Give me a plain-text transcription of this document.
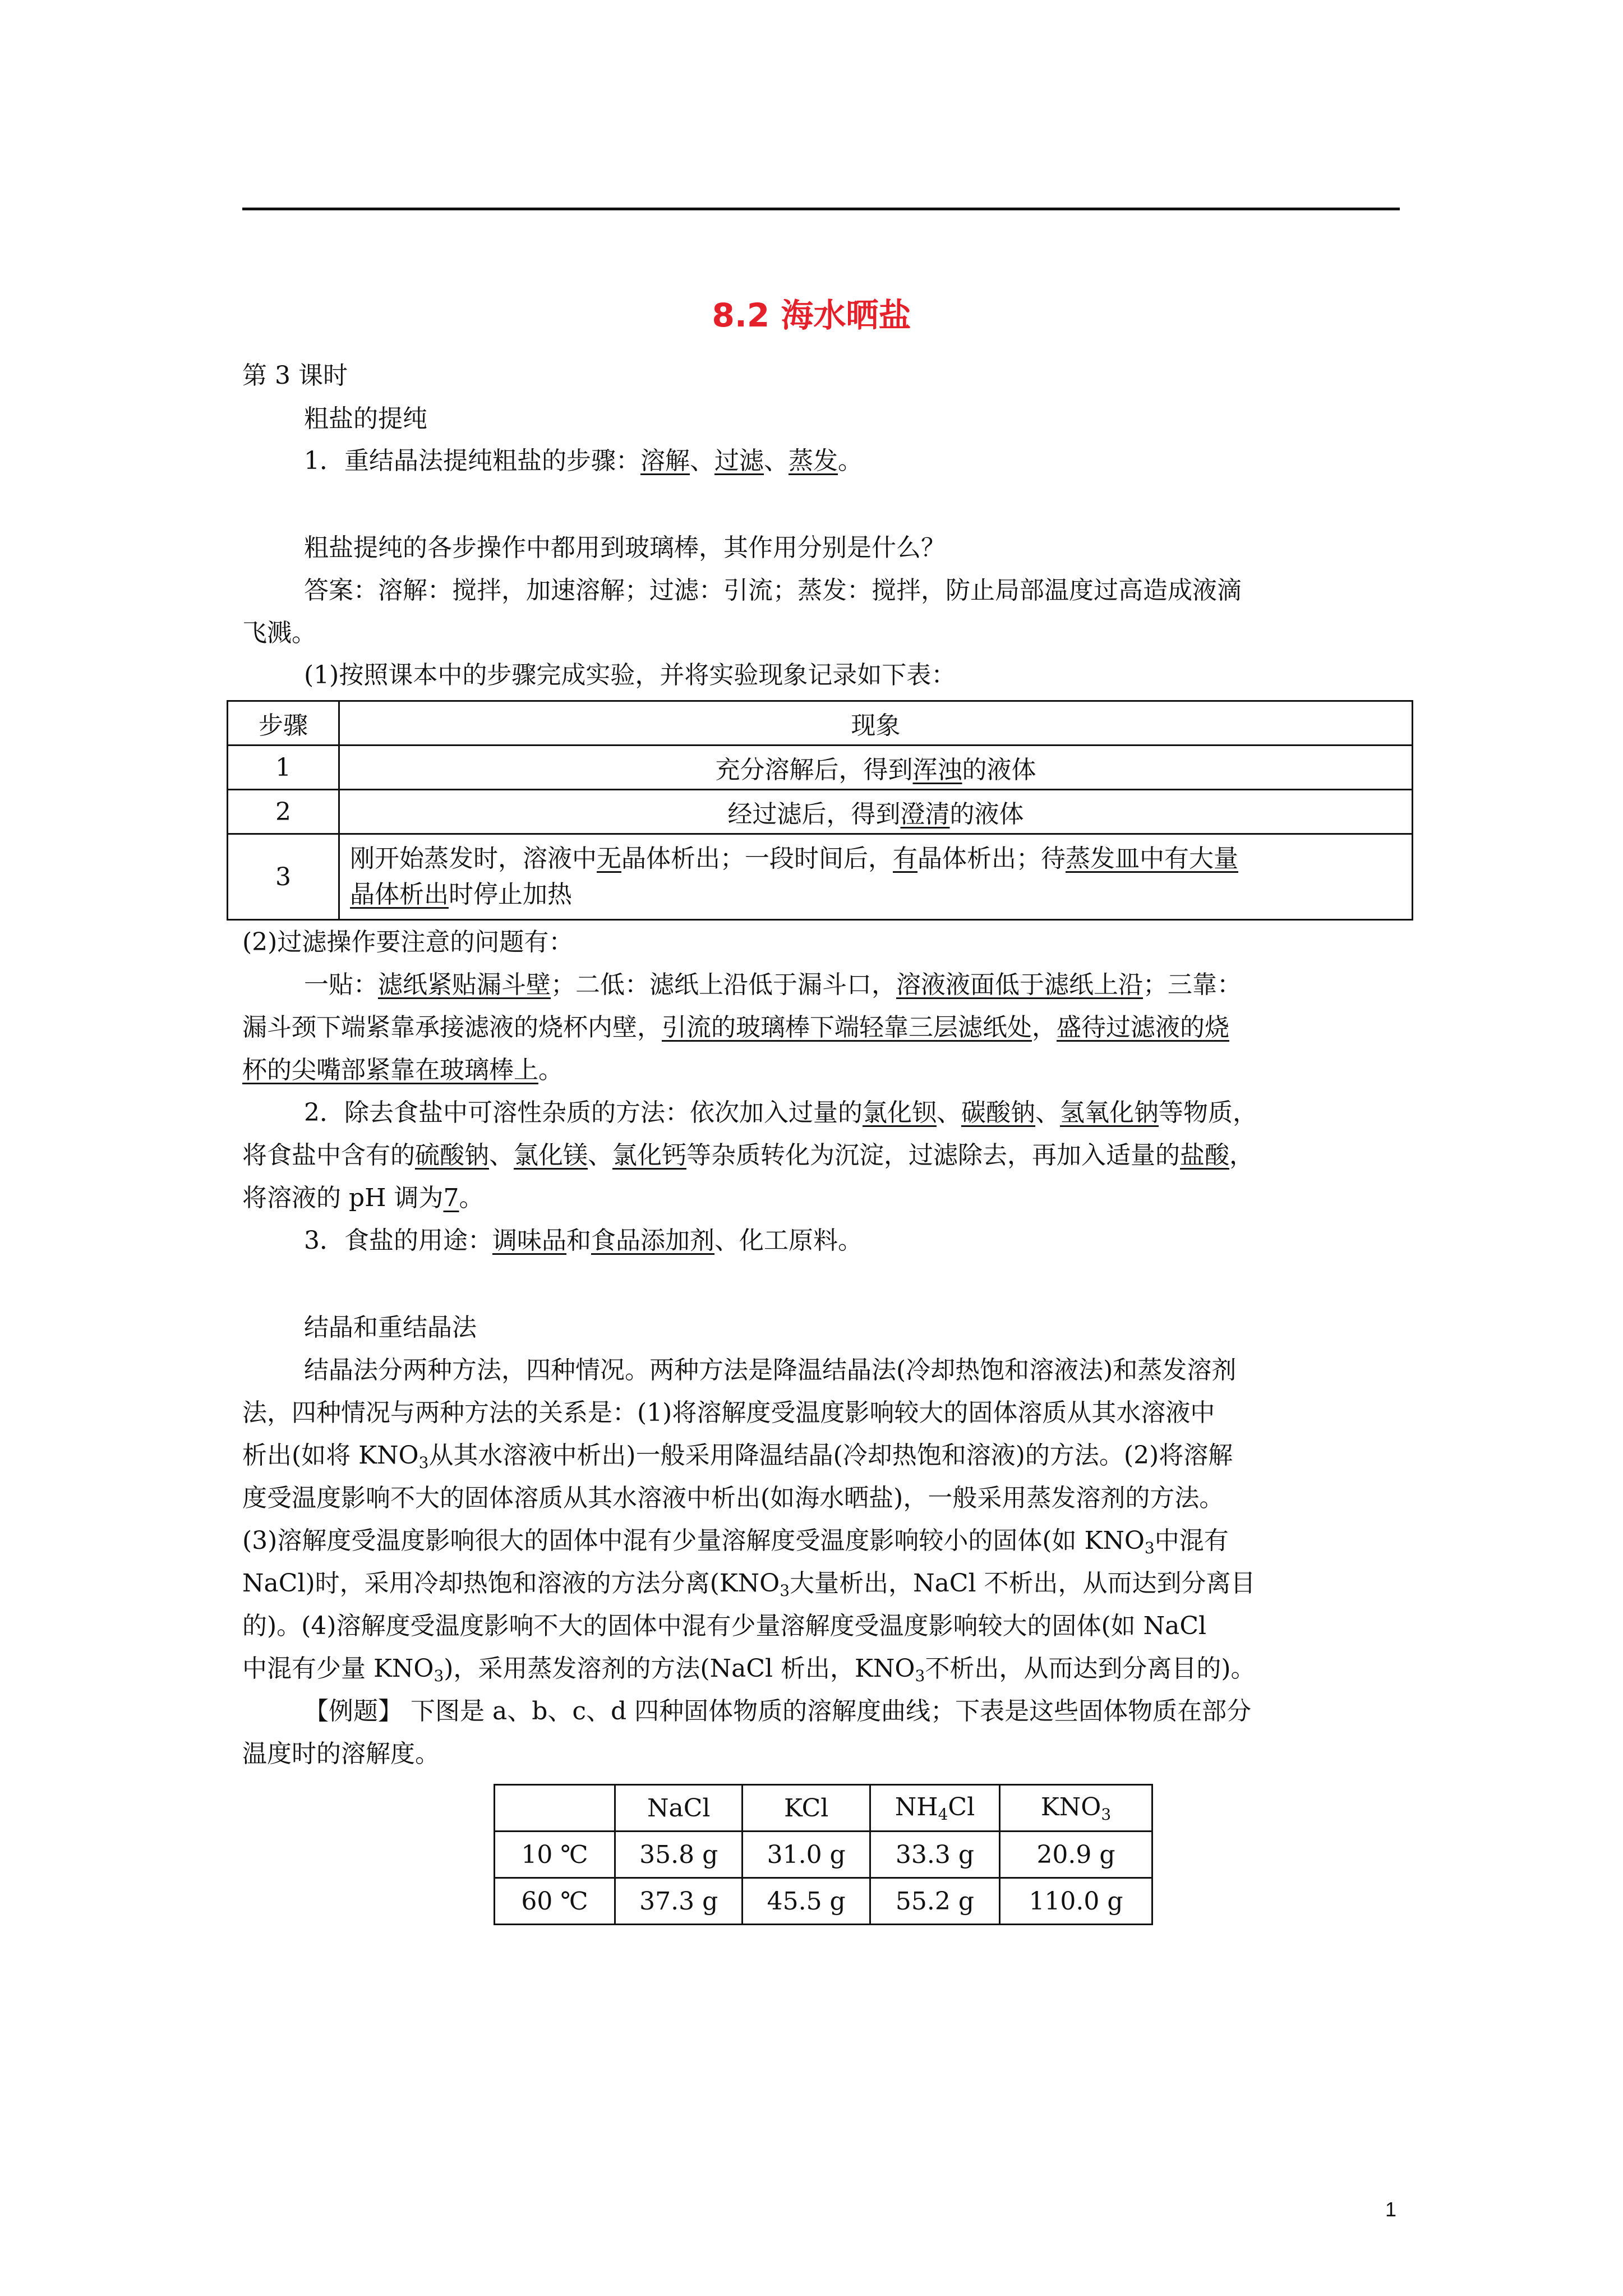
8.2 海水晒盐
第 3 课时
粗盐的提纯
1．重结晶法提纯粗盐的步骤：溶解、过滤、蒸发。
粗盐提纯的各步操作中都用到玻璃棒，其作用分别是什么？
答案：溶解：搅拌，加速溶解；过滤：引流；蒸发：搅拌，防止局部温度过高造成液滴
飞溅。
(1)按照课本中的步骤完成实验，并将实验现象记录如下表：
步骤	现象
1	充分溶解后，得到浑浊的液体
2	经过滤后，得到澄清的液体
3	刚开始蒸发时，溶液中无晶体析出；一段时间后，有晶体析出；待蒸发皿中有大量
晶体析出时停止加热
(2)过滤操作要注意的问题有：
一贴：滤纸紧贴漏斗壁；二低：滤纸上沿低于漏斗口，溶液液面低于滤纸上沿；三靠：
漏斗颈下端紧靠承接滤液的烧杯内壁，引流的玻璃棒下端轻靠三层滤纸处，盛待过滤液的烧
杯的尖嘴部紧靠在玻璃棒上。
2．除去食盐中可溶性杂质的方法：依次加入过量的氯化钡、碳酸钠、氢氧化钠等物质，
将食盐中含有的硫酸钠、氯化镁、氯化钙等杂质转化为沉淀，过滤除去，再加入适量的盐酸，
将溶液的 pH 调为7。
3．食盐的用途：调味品和食品添加剂、化工原料。
结晶和重结晶法
结晶法分两种方法，四种情况。两种方法是降温结晶法(冷却热饱和溶液法)和蒸发溶剂
法，四种情况与两种方法的关系是：(1)将溶解度受温度影响较大的固体溶质从其水溶液中
析出(如将 $KNO_3$从其水溶液中析出)一般采用降温结晶(冷却热饱和溶液)的方法。(2)将溶解
度受温度影响不大的固体溶质从其水溶液中析出(如海水晒盐)，一般采用蒸发溶剂的方法。
(3)溶解度受温度影响很大的固体中混有少量溶解度受温度影响较小的固体(如 $KNO_3$中混有
NaCl)时，采用冷却热饱和溶液的方法分离($KNO_3$大量析出，NaCl 不析出，从而达到分离目
的)。(4)溶解度受温度影响不大的固体中混有少量溶解度受温度影响较大的固体(如 NaCl
中混有少量 $KNO_3$)，采用蒸发溶剂的方法(NaCl 析出，$KNO_3$不析出，从而达到分离目的)。
【例题】 下图是 a、b、c、d 四种固体物质的溶解度曲线；下表是这些固体物质在部分
温度时的溶解度。
	NaCl	KCl	$NH_4Cl$	$KNO_3$
10 ℃	35.8 g	31.0 g	33.3 g	20.9 g
60 ℃	37.3 g	45.5 g	55.2 g	110.0 g
1
